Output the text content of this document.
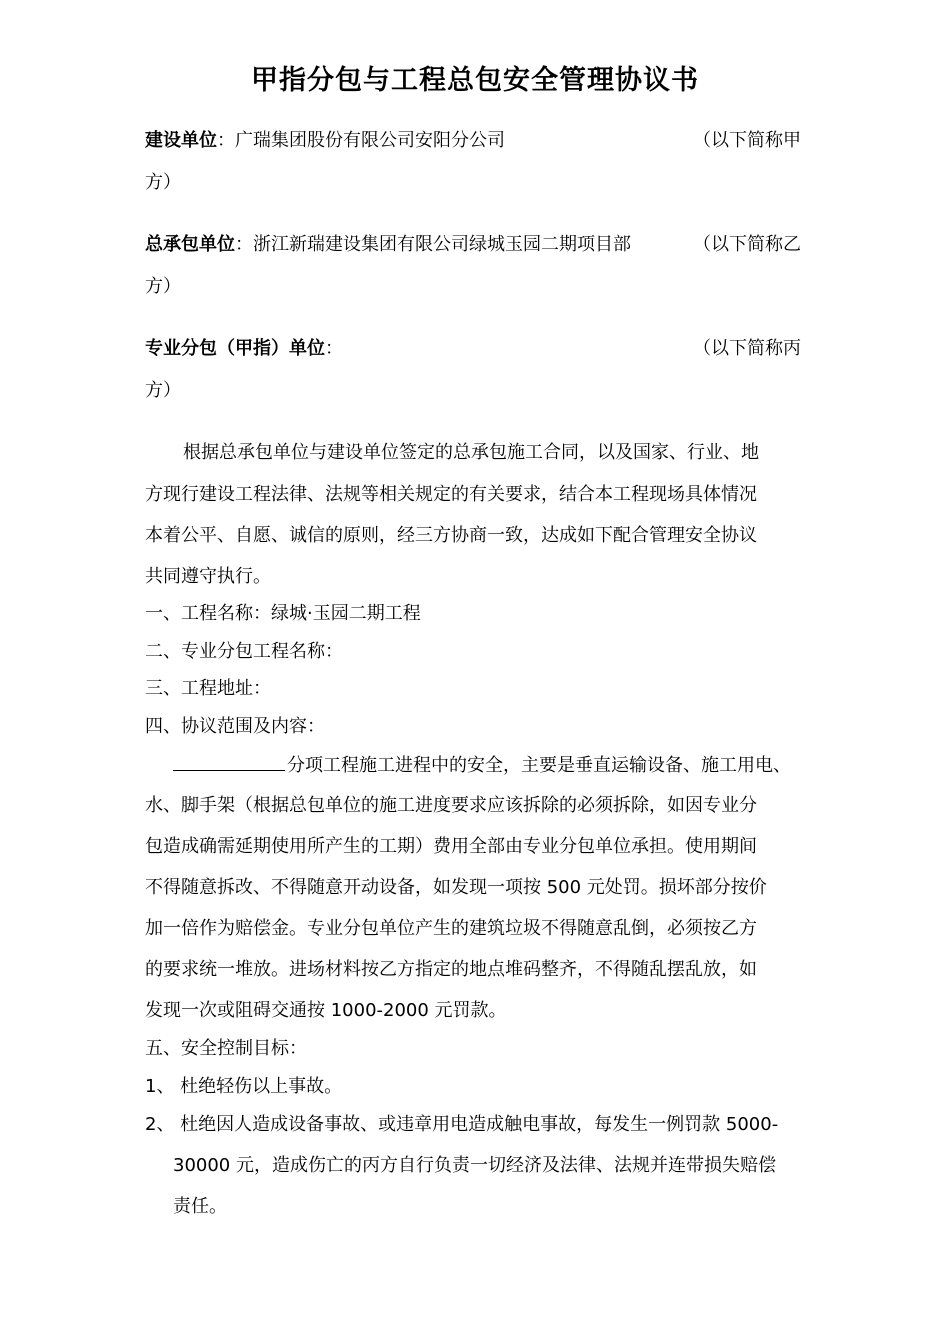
甲指分包与工程总包安全管理协议书
建设单位：广瑞集团股份有限公司安阳分公司	（以下简称甲
方）
总承包单位：浙江新瑞建设集团有限公司绿城玉园二期项目部	（以下简称乙
方）
专业分包（甲指）单位：	（以下简称丙
方）
根据总承包单位与建设单位签定的总承包施工合同，以及国家、行业、地
方现行建设工程法律、法规等相关规定的有关要求，结合本工程现场具体情况
本着公平、自愿、诚信的原则，经三方协商一致，达成如下配合管理安全协议
共同遵守执行。
一、工程名称：绿城·玉园二期工程
二、专业分包工程名称：
三、工程地址：
四、协议范围及内容：
分项工程施工进程中的安全，主要是垂直运输设备、施工用电、
水、脚手架（根据总包单位的施工进度要求应该拆除的必须拆除，如因专业分
包造成确需延期使用所产生的工期）费用全部由专业分包单位承担。使用期间
不得随意拆改、不得随意开动设备，如发现一项按 500 元处罚。损坏部分按价
加一倍作为赔偿金。专业分包单位产生的建筑垃圾不得随意乱倒，必须按乙方
的要求统一堆放。进场材料按乙方指定的地点堆码整齐，不得随乱摆乱放，如
发现一次或阻碍交通按 1000-2000 元罚款。
五、安全控制目标：
1、 杜绝轻伤以上事故。
2、 杜绝因人造成设备事故、或违章用电造成触电事故，每发生一例罚款 5000-
30000 元，造成伤亡的丙方自行负责一切经济及法律、法规并连带损失赔偿
责任。
